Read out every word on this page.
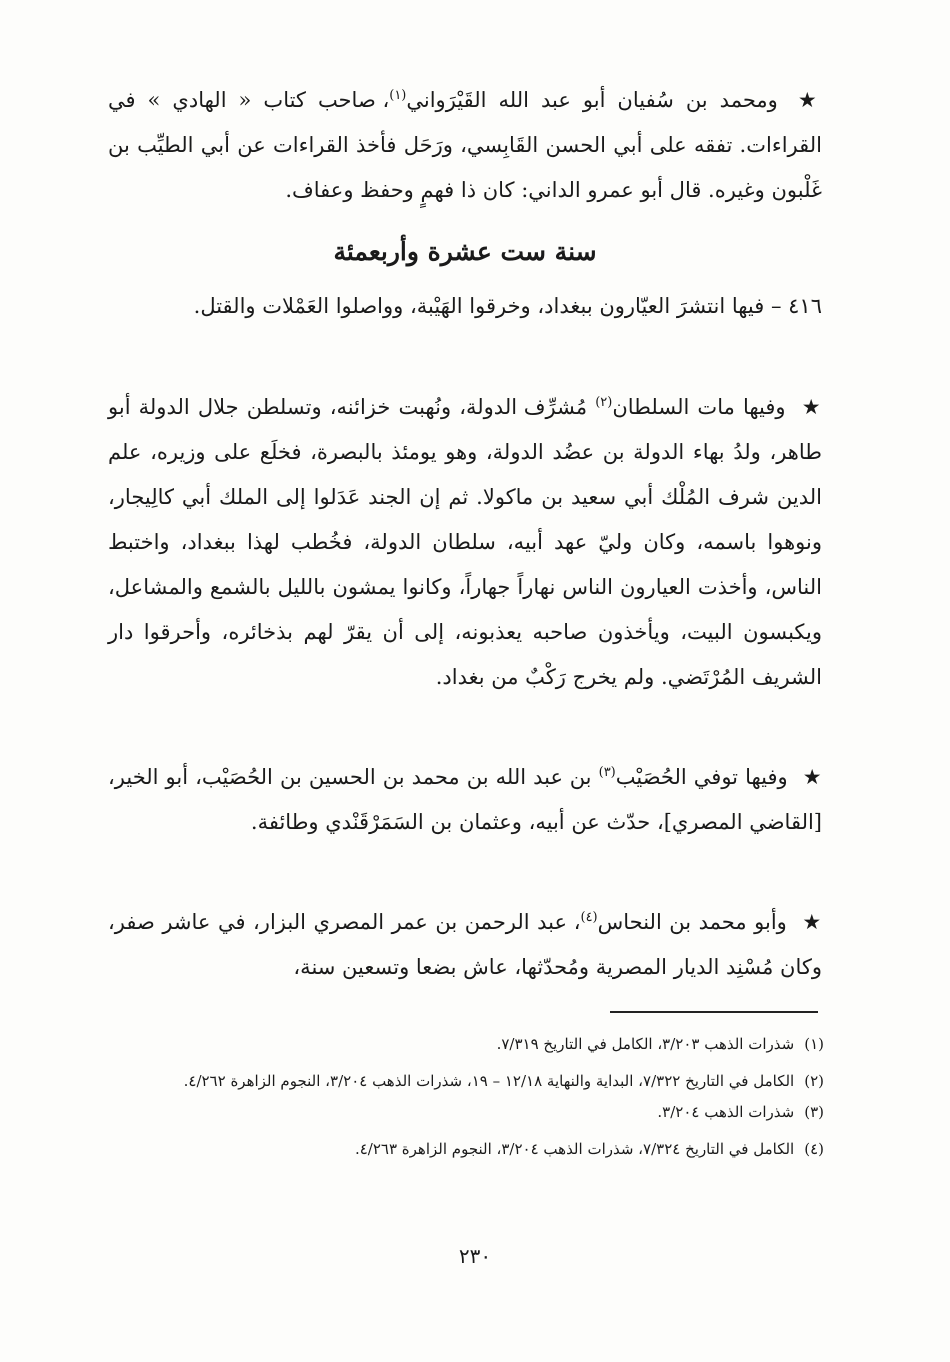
★ ومحمد بن سُفيان أبو عبد الله القَيْرَواني$^{(١)}$، صاحب كتاب « الهادي » في القراءات. تفقه على أبي الحسن القَابِسي، ورَحَل فأخذ القراءات عن أبي الطيِّب بن غَلْبون وغيره. قال أبو عمرو الداني: كان ذا فهمٍ وحفظ وعفاف.

سنة ست عشرة وأربعمئة

٤١٦ – فيها انتشرَ العيّارون ببغداد، وخرقوا الهَيْبة، وواصلوا العَمْلات والقتل.

★ وفيها مات السلطان$^{(٢)}$ مُشرِّف الدولة، ونُهبت خزائنه، وتسلطن جلال الدولة أبو طاهر، ولدُ بهاء الدولة بن عضُد الدولة، وهو يومئذ بالبصرة، فخلَع على وزيره، علم الدين شرف المُلْك أبي سعيد بن ماكولا. ثم إن الجند عَدَلوا إلى الملك أبي كالِيجار، ونوهوا باسمه، وكان وليّ عهد أبيه، سلطان الدولة، فخُطب لهذا ببغداد، واختبط الناس، وأخذت العيارون الناس نهاراً جهاراً، وكانوا يمشون بالليل بالشمع والمشاعل، ويكبسون البيت، ويأخذون صاحبه يعذبونه، إلى أن يقرّ لهم بذخائره، وأحرقوا دار الشريف المُرْتَضي. ولم يخرج رَكْبٌ من بغداد.

★ وفيها توفي الحُصَيْب$^{(٣)}$ بن عبد الله بن محمد بن الحسين بن الحُصَيْب، أبو الخير، [القاضي المصري]، حدّث عن أبيه، وعثمان بن السَمَرْقَنْدي وطائفة.

★ وأبو محمد بن النحاس$^{(٤)}$، عبد الرحمن بن عمر المصري البزار، في عاشر صفر، وكان مُسْنِد الديار المصرية ومُحدّثها، عاش بضعا وتسعين سنة،

(١)شذرات الذهب ٣/٢٠٣، الكامل في التاريخ ٧/٣١٩.
(٢)الكامل في التاريخ ٧/٣٢٢، البداية والنهاية ١٢/١٨ – ١٩، شذرات الذهب ٣/٢٠٤، النجوم الزاهرة ٤/٢٦٢.
(٣)شذرات الذهب ٣/٢٠٤.
(٤)الكامل في التاريخ ٧/٣٢٤، شذرات الذهب ٣/٢٠٤، النجوم الزاهرة ٤/٢٦٣.
٢٣٠
